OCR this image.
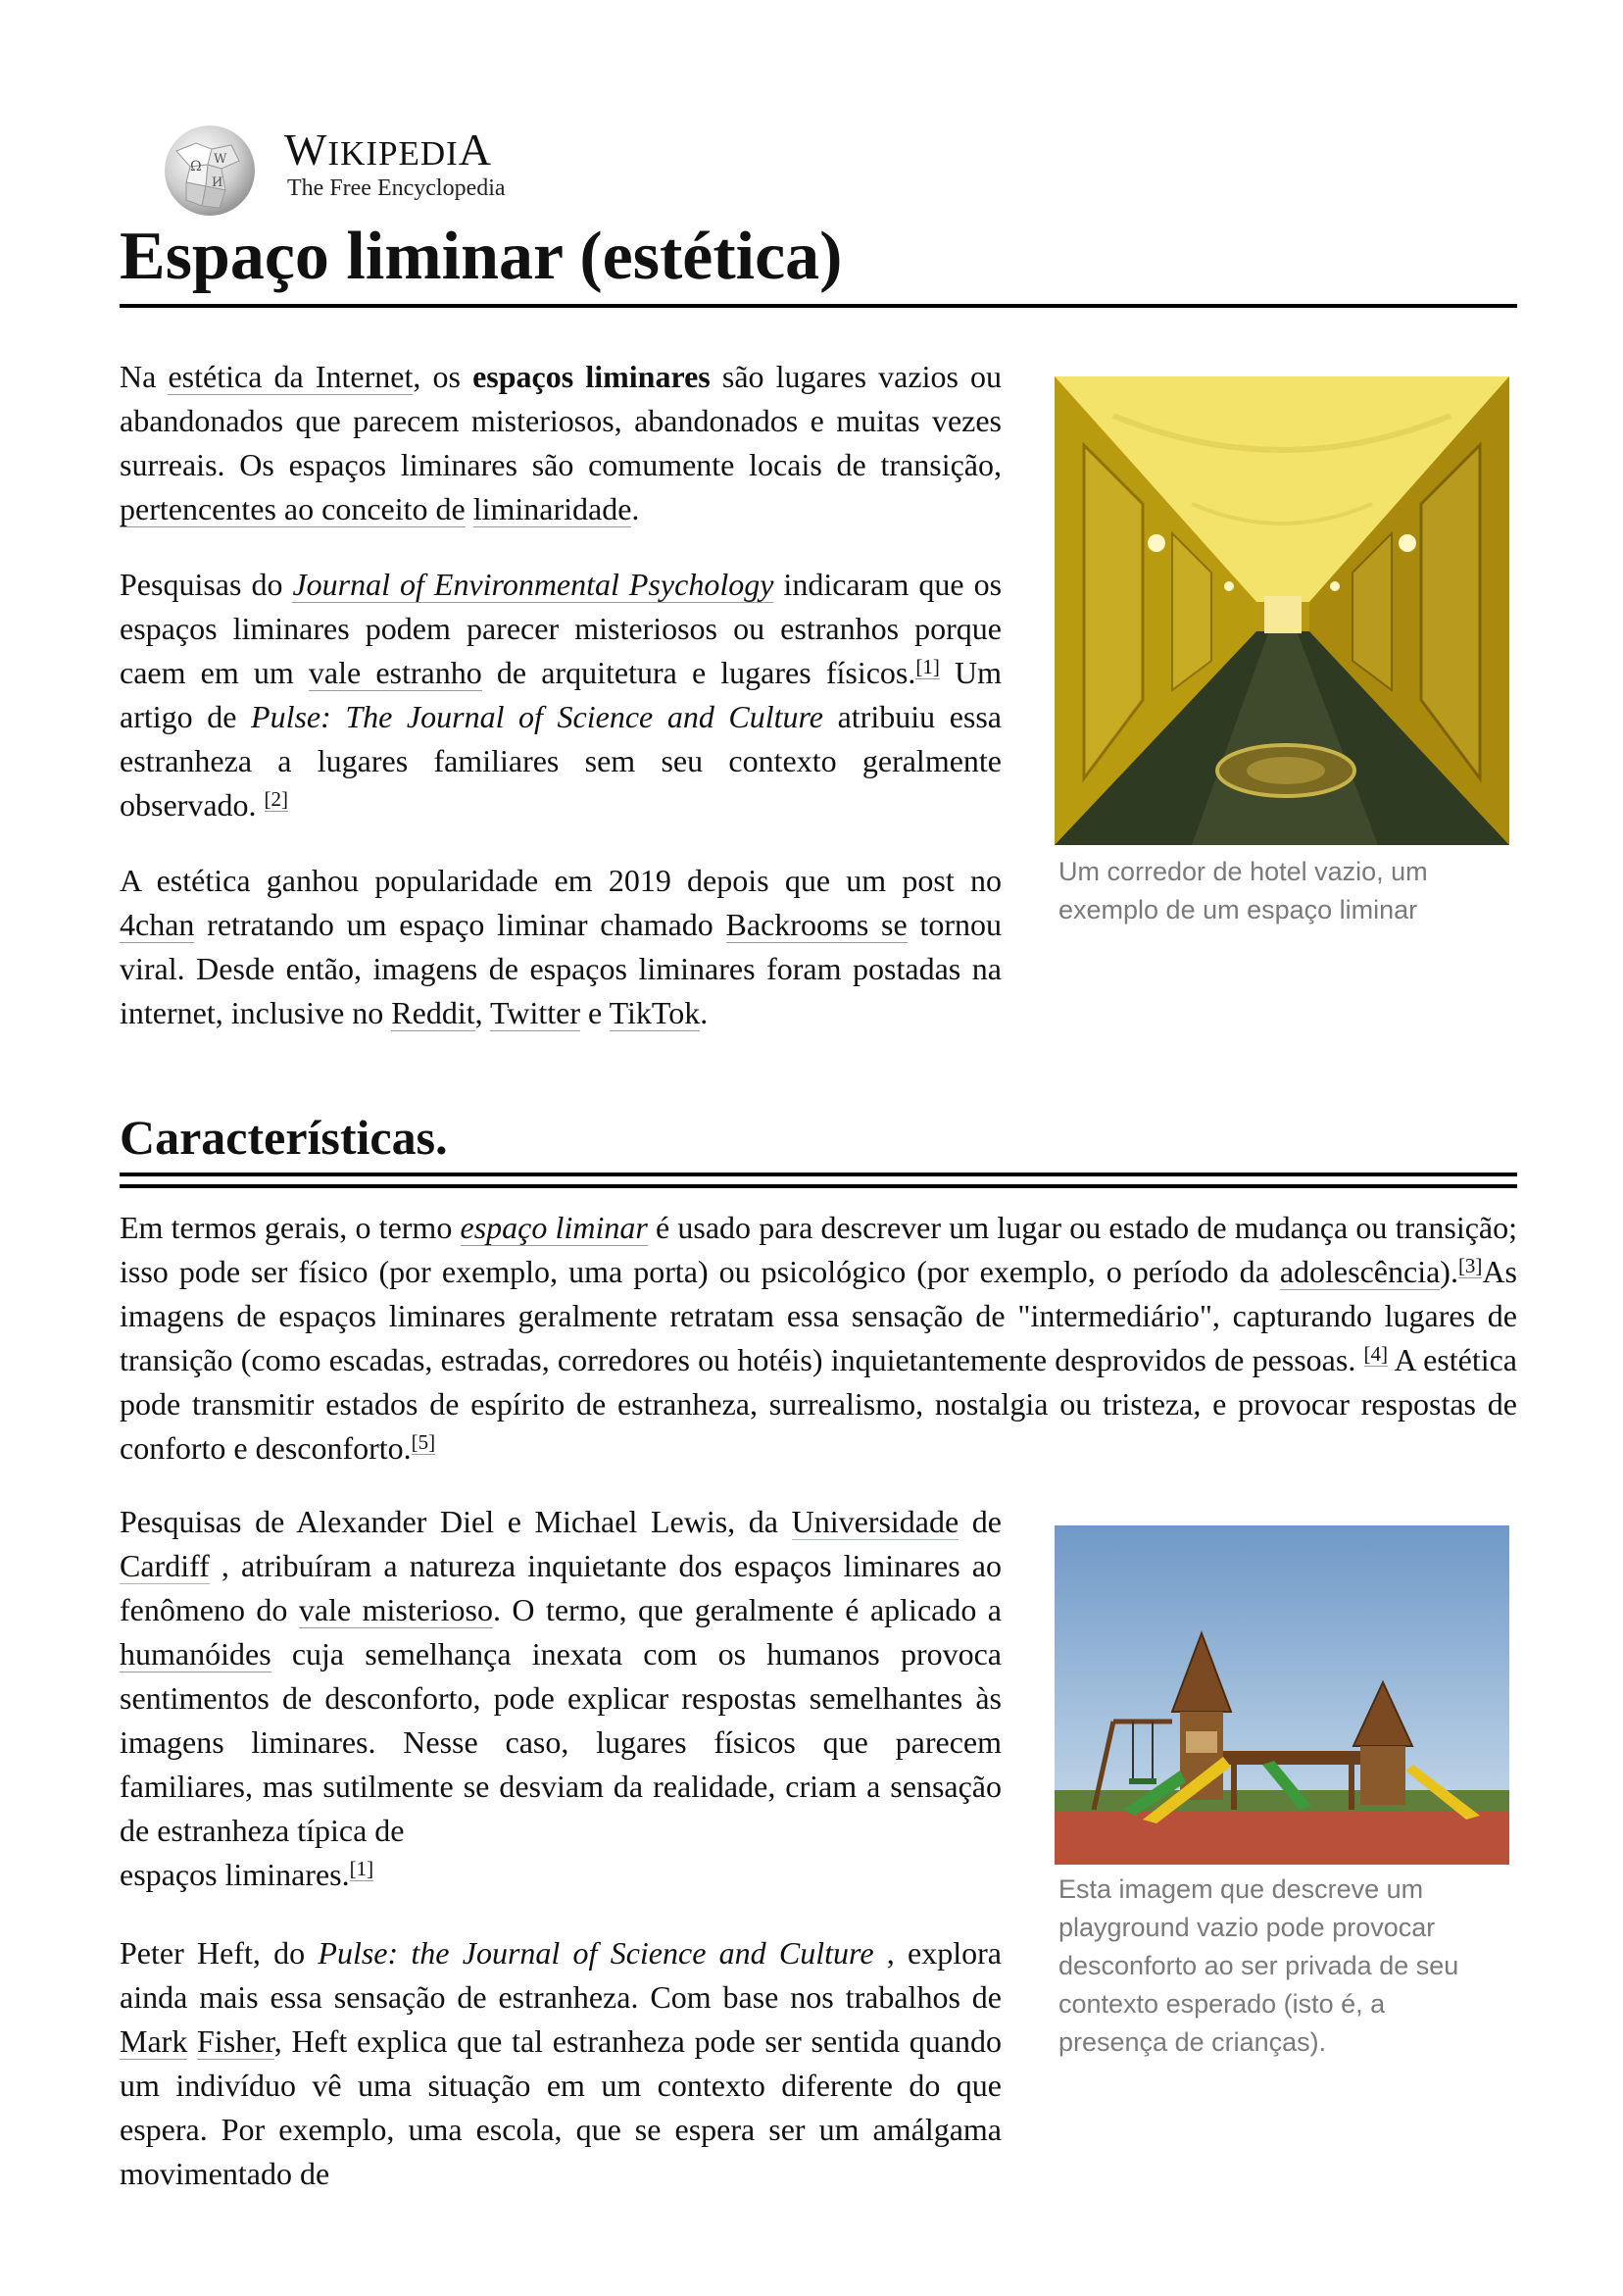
Ω W
И
WIKIPEDIA
The Free Encyclopedia
Espaço liminar (estética)

Na estética da Internet, os espaços liminares são lugares vazios ou abandonados que parecem misteriosos, abandonados e muitas vezes surreais. Os espaços liminares são comumente locais de transição, pertencentes ao conceito de liminaridade.

Pesquisas do Journal of Environmental Psychology indicaram que os espaços liminares podem parecer misteriosos ou estranhos porque caem em um vale estranho de arquitetura e lugares físicos.[1] Um artigo de Pulse: The Journal of Science and Culture atribuiu essa estranheza a lugares familiares sem seu contexto geralmente observado. [2]

A estética ganhou popularidade em 2019 depois que um post no 4chan retratando um espaço liminar chamado Backrooms se tornou viral. Desde então, imagens de espaços liminares foram postadas na internet, inclusive no Reddit, Twitter e TikTok.

Um corredor de hotel vazio, um exemplo de um espaço liminar

Características.

Em termos gerais, o termo espaço liminar é usado para descrever um lugar ou estado de mudança ou transição; isso pode ser físico (por exemplo, uma porta) ou psicológico (por exemplo, o período da adolescência).[3]As imagens de espaços liminares geralmente retratam essa sensação de "intermediário", capturando lugares de transição (como escadas, estradas, corredores ou hotéis) inquietantemente desprovidos de pessoas. [4] A estética pode transmitir estados de espírito de estranheza, surrealismo, nostalgia ou tristeza, e provocar respostas de conforto e desconforto.[5]

Pesquisas de Alexander Diel e Michael Lewis, da Universidade de Cardiff , atribuíram a natureza inquietante dos espaços liminares ao fenômeno do vale misterioso. O termo, que geralmente é aplicado a humanóides cuja semelhança inexata com os humanos provoca sentimentos de desconforto, pode explicar respostas semelhantes às imagens liminares. Nesse caso, lugares físicos que parecem familiares, mas sutilmente se desviam da realidade, criam a sensação de estranheza típica de
espaços liminares.[1]

Esta imagem que descreve um playground vazio pode provocar desconforto ao ser privada de seu contexto esperado (isto é, a presença de crianças).

Peter Heft, do Pulse: the Journal of Science and Culture , explora ainda mais essa sensação de estranheza. Com base nos trabalhos de Mark Fisher, Heft explica que tal estranheza pode ser sentida quando um indivíduo vê uma situação em um contexto diferente do que espera. Por exemplo, uma escola, que se espera ser um amálgama movimentado de
